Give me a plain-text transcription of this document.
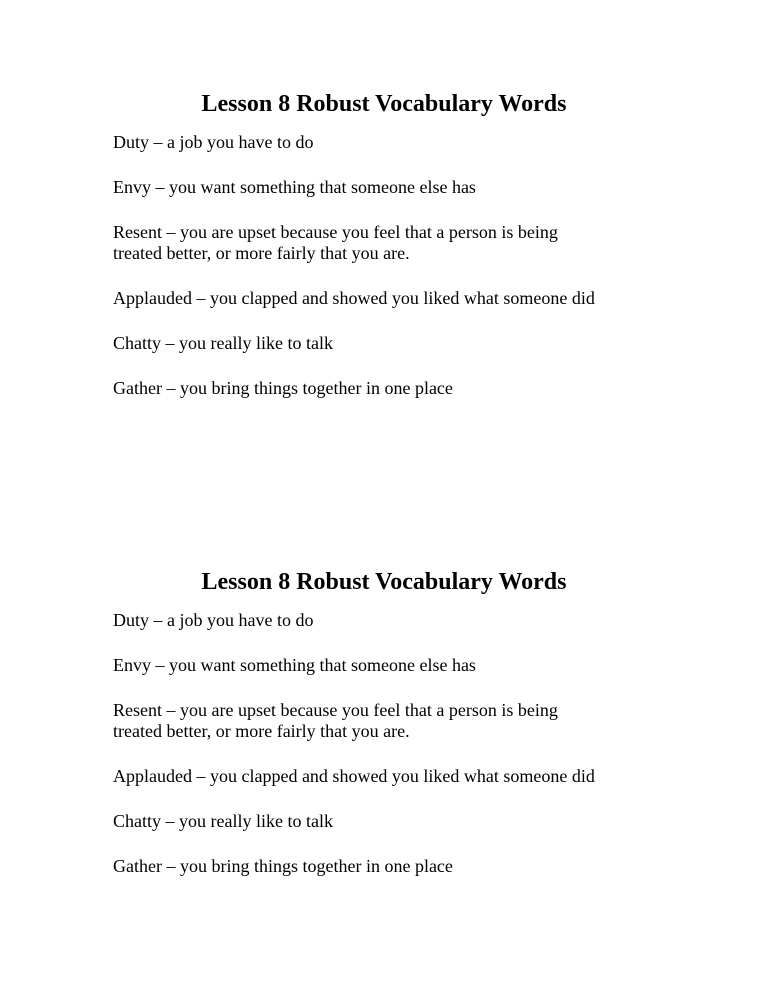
Lesson 8 Robust Vocabulary Words

Duty – a job you have to do

Envy – you want something that someone else has

Resent – you are upset because you feel that a person is being
treated better, or more fairly that you are.

Applauded – you clapped and showed you liked what someone did

Chatty – you really like to talk

Gather – you bring things together in one place

Lesson 8 Robust Vocabulary Words

Duty – a job you have to do

Envy – you want something that someone else has

Resent – you are upset because you feel that a person is being
treated better, or more fairly that you are.

Applauded – you clapped and showed you liked what someone did

Chatty – you really like to talk

Gather – you bring things together in one place
